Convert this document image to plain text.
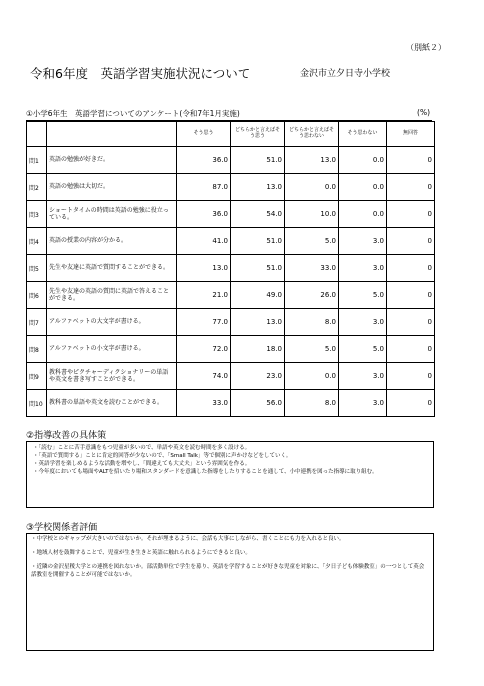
（別紙２）
令和6年度　英語学習実施状況について	金沢市立夕日寺小学校
①小学6年生　英語学習についてのアンケート(令和7年1月実施)	(%)
		そう思う	どちらかと言えばそう思う	どちらかと言えばそう思わない	そう思わない	無回答
問1	英語の勉強が好きだ。	36.0	51.0	13.0	0.0	0
問2	英語の勉強は大切だ。	87.0	13.0	0.0	0.0	0
問3	ショートタイムの時間は英語の勉強に役立っている。	36.0	54.0	10.0	0.0	0
問4	英語の授業の内容が分かる。	41.0	51.0	5.0	3.0	0
問5	先生や友達に英語で質問することができる。	13.0	51.0	33.0	3.0	0
問6	先生や友達の英語の質問に英語で答えることができる。	21.0	49.0	26.0	5.0	0
問7	アルファベットの大文字が書ける。	77.0	13.0	8.0	3.0	0
問8	アルファベットの小文字が書ける。	72.0	18.0	5.0	5.0	0
問9	教科書やピクチャーディクショナリーの単語や英文を書き写すことができる。	74.0	23.0	0.0	3.0	0
問10	教科書の単語や英文を読むことができる。	33.0	56.0	8.0	3.0	0
②指導改善の具体策
・「読む」ことに苦手意識をもつ児童が多いので、単語や英文を読む時間を多く設ける。
・「英語で質問する」ことに肯定的回答が少ないので、「Small Talk」等で個別に声かけなどをしていく。
・英語学習を楽しめるような活動を増やし、「間違えても大丈夫」という雰囲気を作る。
・今年度においても場面やALTを招いたり場和スタンダードを意識した指導をしたりすることを通して、小中連携を図った指導に取り組む。
③学校関係者評価
・中学校とのギャップが大きいのではないか。それが埋まるように、会話も大事にしながら、書くことにも力を入れると良い。
・地域人材を鼓舞することで、児童が生き生きと英語に触れられるようにできると良い。
・近隣の金沢星稜大学との連携を図れないか。部活動単位で学生を募り、英語を学習することが好きな児童を対象に、「夕日子ども体験教室」の一つとして英会話教室を開催することが可能ではないか。
